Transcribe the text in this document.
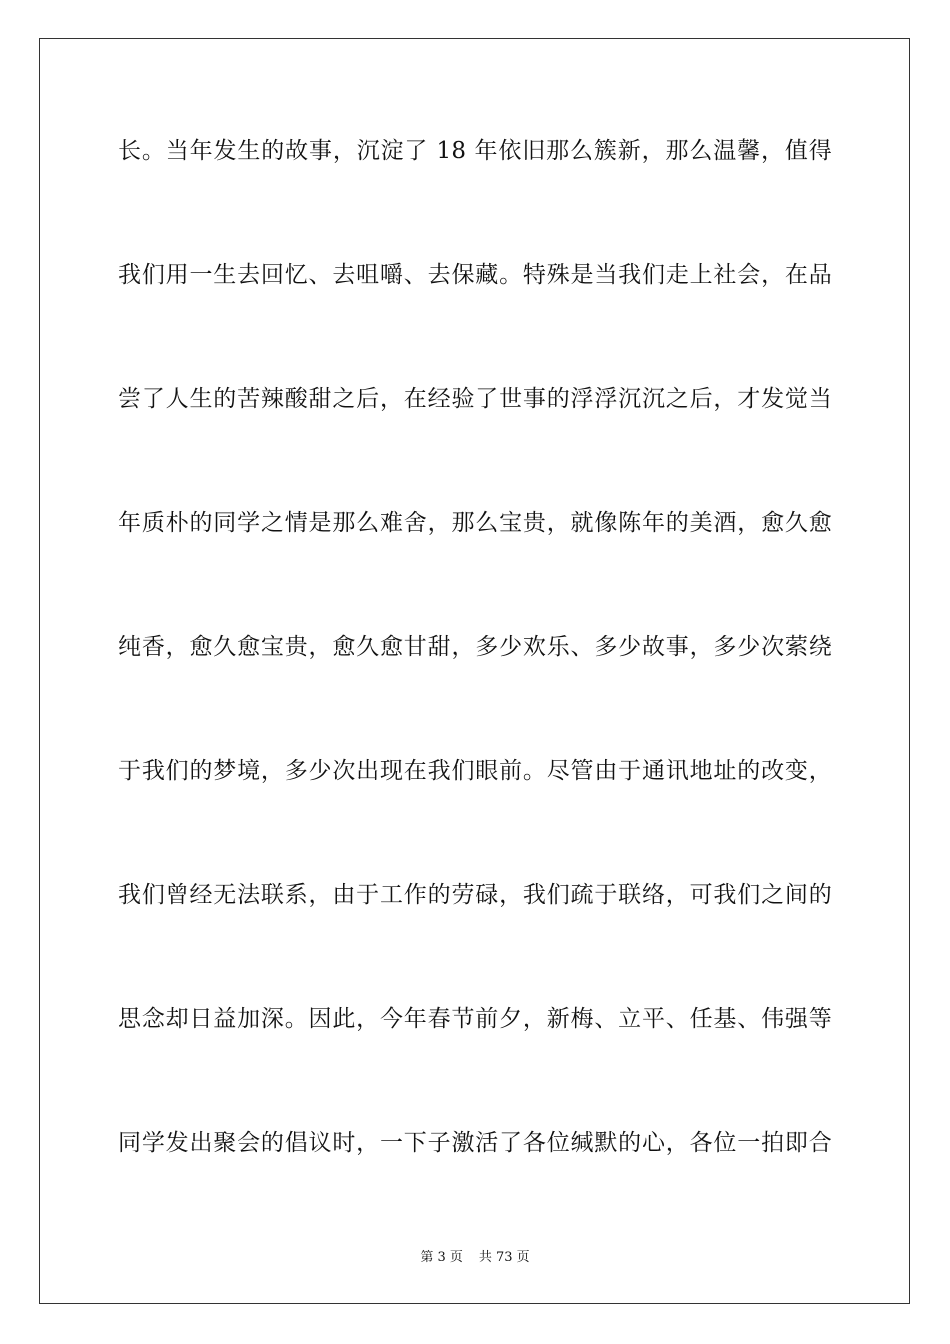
长。当年发生的故事，沉淀了 18 年依旧那么簇新，那么温馨，值得
我们用一生去回忆、去咀嚼、去保藏。特殊是当我们走上社会，在品
尝了人生的苦辣酸甜之后，在经验了世事的浮浮沉沉之后，才发觉当
年质朴的同学之情是那么难舍，那么宝贵，就像陈年的美酒，愈久愈
纯香，愈久愈宝贵，愈久愈甘甜，多少欢乐、多少故事，多少次萦绕
于我们的梦境，多少次出现在我们眼前。尽管由于通讯地址的改变，
我们曾经无法联系，由于工作的劳碌，我们疏于联络，可我们之间的
思念却日益加深。因此，今年春节前夕，新梅、立平、任基、伟强等
同学发出聚会的倡议时，一下子激活了各位缄默的心，各位一拍即合
第 3 页 共 73 页
